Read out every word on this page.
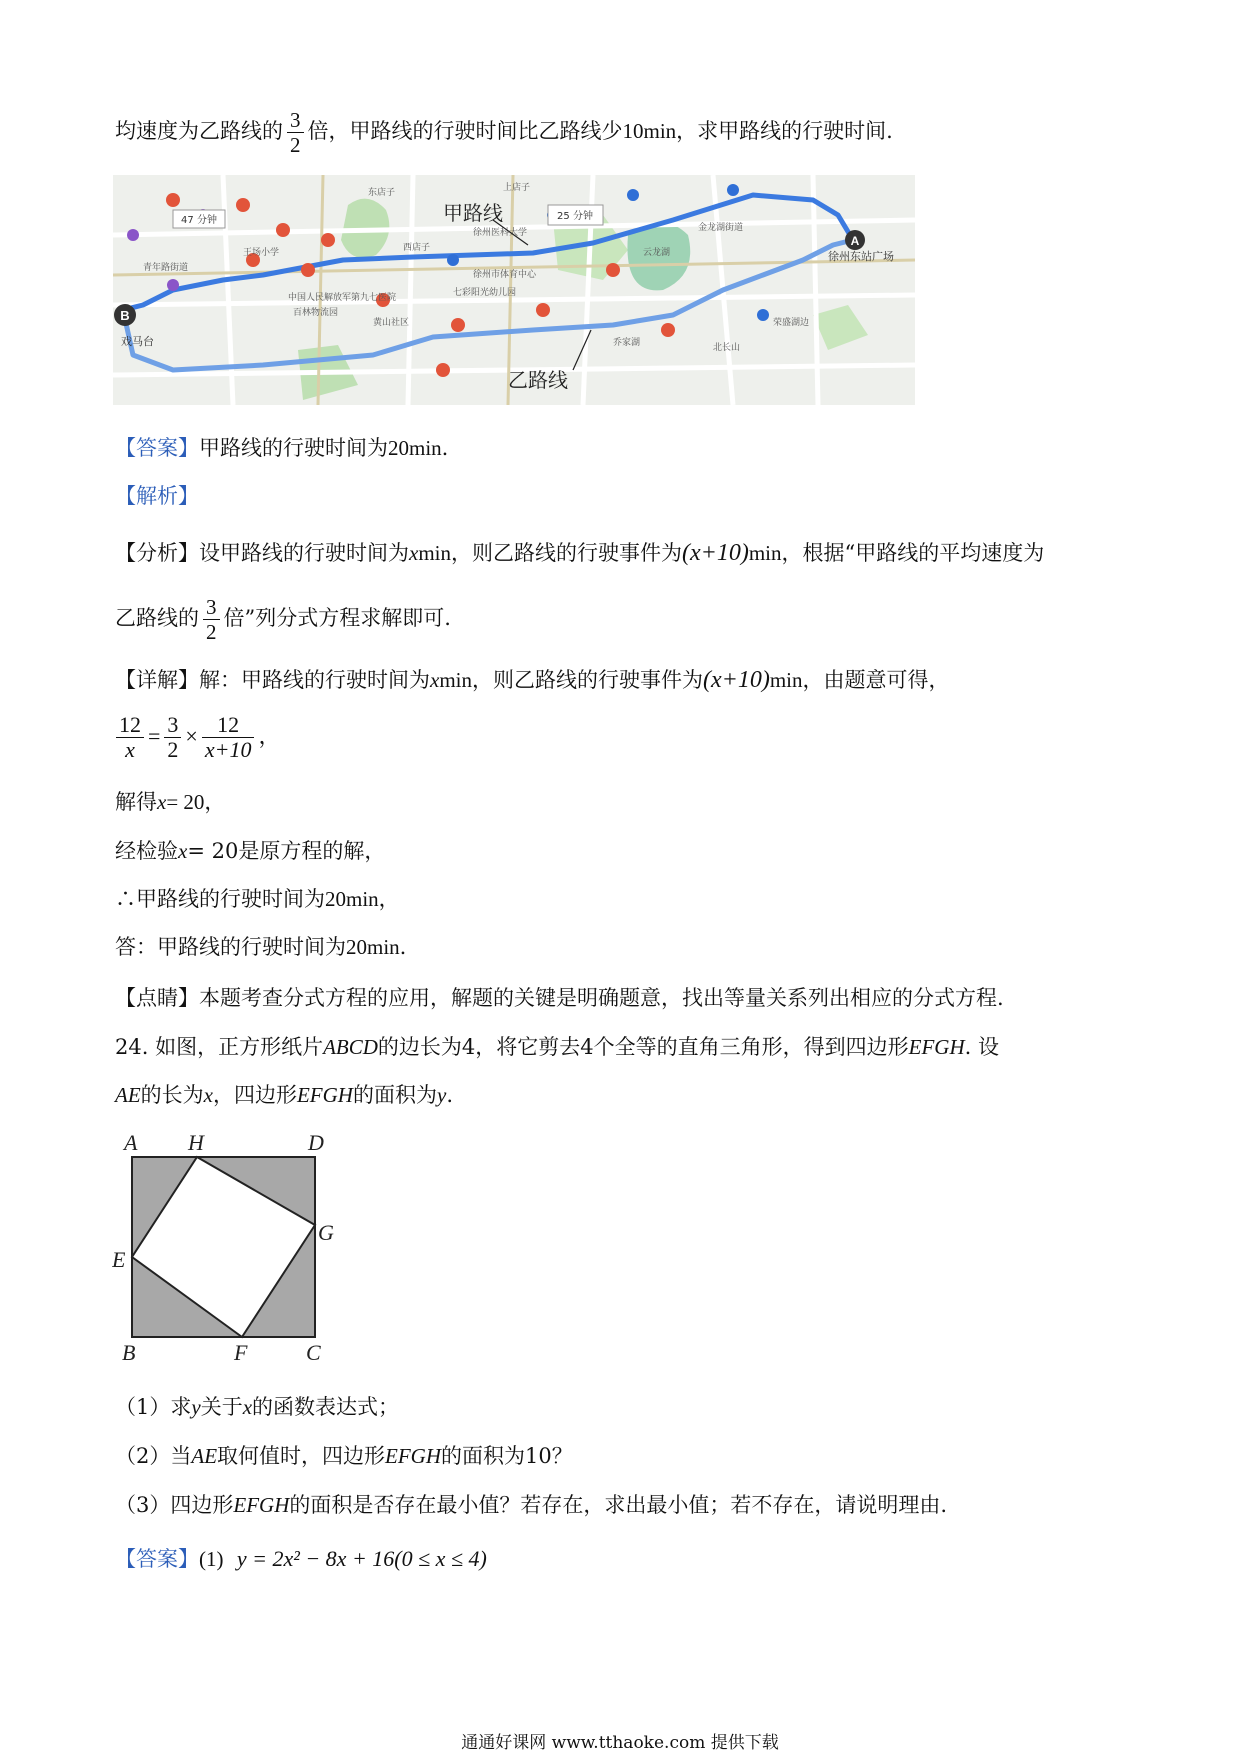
均速度为乙路线的 $\frac{3}{2}$ 倍，甲路线的行驶时间比乙路线少10min，求甲路线的行驶时间.
B
A
戏马台
徐州东站广场
25 分钟
47 分钟
中国人民解放军第九七医院
百林物流园
徐州医科大学
徐州市体育中心
云龙湖
金龙湖街道
七彩阳光幼儿园
黄山社区
乔家湖	北长山
东店子
西店子
王场小学
荣盛湖边
青年路街道
上店子
甲路线
乙路线
【答案】甲路线的行驶时间为20min.
【解析】
【分析】设甲路线的行驶时间为xmin，则乙路线的行驶事件为(x+10)min，根据“甲路线的平均速度为
乙路线的 $\frac{3}{2}$ 倍”列分式方程求解即可.
【详解】解：甲路线的行驶时间为xmin，则乙路线的行驶事件为(x+10)min，由题意可得，
$\frac{12}{x} = \frac{3}{2} \times \frac{12}{x+10}$ ，
解得x= 20，
经检验x= 20是原方程的解，
∴甲路线的行驶时间为20min，
答：甲路线的行驶时间为20min.
【点睛】本题考查分式方程的应用，解题的关键是明确题意，找出等量关系列出相应的分式方程.
24. 如图，正方形纸片ABCD的边长为4，将它剪去4个全等的直角三角形，得到四边形EFGH. 设
AE的长为x，四边形EFGH的面积为y.
A H	D
G
E
B	F	C
（1）求y关于x的函数表达式；
（2）当AE取何值时，四边形EFGH的面积为10？
（3）四边形EFGH的面积是否存在最小值？若存在，求出最小值；若不存在，请说明理由.
【答案】(1) y = 2x² − 8x + 16(0 ≤ x ≤ 4)
通通好课网 www.tthaoke.com 提供下载
